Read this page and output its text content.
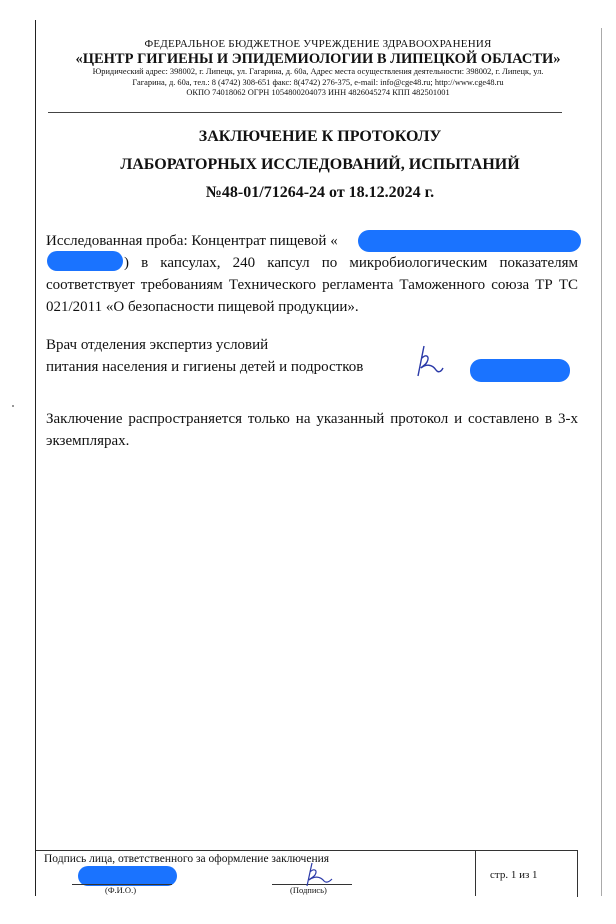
ФЕДЕРАЛЬНОЕ БЮДЖЕТНОЕ УЧРЕЖДЕНИЕ ЗДРАВООХРАНЕНИЯ
«ЦЕНТР ГИГИЕНЫ И ЭПИДЕМИОЛОГИИ В ЛИПЕЦКОЙ ОБЛАСТИ»
Юридический адрес: 398002, г. Липецк, ул. Гагарина, д. 60а, Адрес места осуществления деятельности: 398002, г. Липецк, ул.
Гагарина, д. 60а, тел.: 8 (4742) 308-651 факс: 8(4742) 276-375, e-mail: info@cge48.ru; http://www.cge48.ru
ОКПО 74018062 ОГРН 1054800204073 ИНН 4826045274 КПП 482501001
ЗАКЛЮЧЕНИЕ К ПРОТОКОЛУ
ЛАБОРАТОРНЫХ ИССЛЕДОВАНИЙ, ИСПЫТАНИЙ
№48-01/71264-24 от 18.12.2024 г.
Исследованная проба: Концентрат пищевой «
) в капсулах, 240 капсул по микробиологическим показателям соответствует требованиям Технического регламента Таможенного союза ТР ТС 021/2011 «О безопасности пищевой продукции».
Врач отделения экспертиз условий
питания населения и гигиены детей и подростков
Заключение распространяется только на указанный протокол и составлено в 3-х экземплярах.
Подпись лица, ответственного за оформление заключения
(Ф.И.О.)	(Подпись)
стр. 1 из 1
